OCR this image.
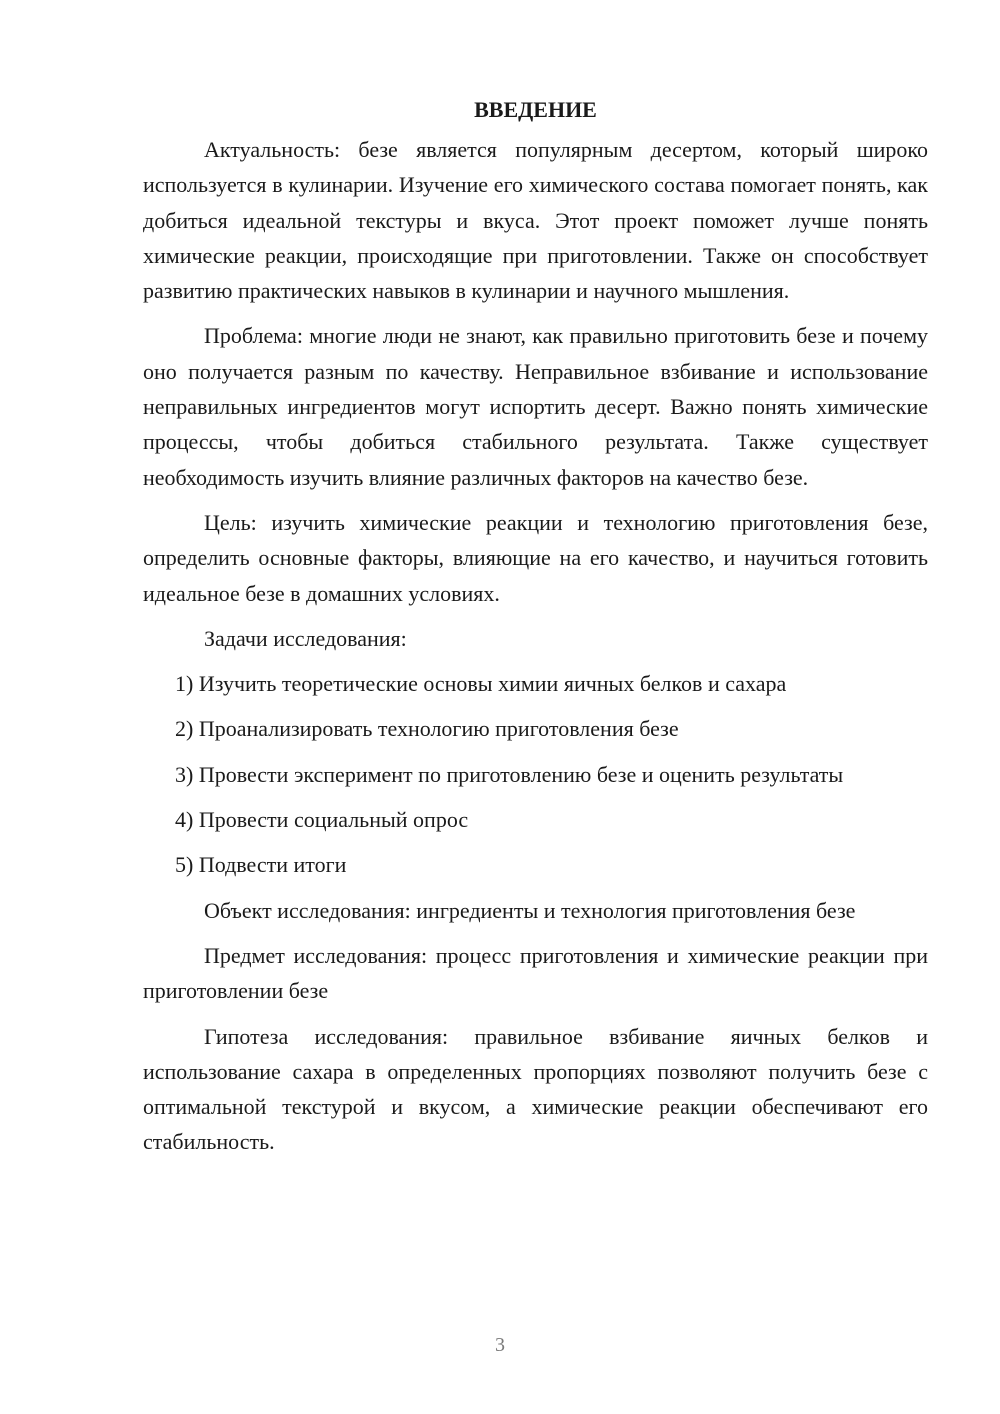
ВВЕДЕНИЕ

Актуальность: безе является популярным десертом, который широко используется в кулинарии. Изучение его химического состава помогает понять, как добиться идеальной текстуры и вкуса. Этот проект поможет лучше понять химические реакции, происходящие при приготовлении. Также он способствует развитию практических навыков в кулинарии и научного мышления.

Проблема: многие люди не знают, как правильно приготовить безе и почему оно получается разным по качеству. Неправильное взбивание и использование неправильных ингредиентов могут испортить десерт. Важно понять химические процессы, чтобы добиться стабильного результата. Также существует необходимость изучить влияние различных факторов на качество безе.

Цель: изучить химические реакции и технологию приготовления безе, определить основные факторы, влияющие на его качество, и научиться готовить идеальное безе в домашних условиях.

Задачи исследования:

1) Изучить теоретические основы химии яичных белков и сахара

2) Проанализировать технологию приготовления безе

3) Провести эксперимент по приготовлению безе и оценить результаты

4) Провести социальный опрос

5) Подвести итоги

Объект исследования: ингредиенты и технология приготовления безе

Предмет исследования: процесс приготовления и химические реакции при приготовлении безе

Гипотеза исследования: правильное взбивание яичных белков и использование сахара в определенных пропорциях позволяют получить безе с оптимальной текстурой и вкусом, а химические реакции обеспечивают его стабильность.

3
